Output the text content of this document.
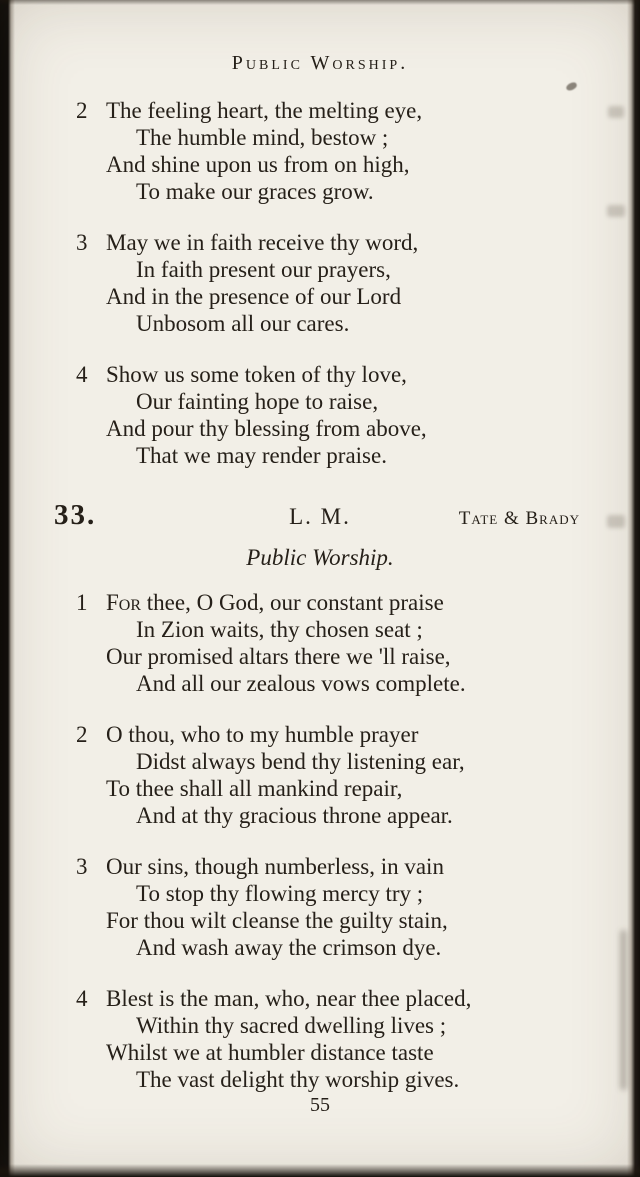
Public Worship.
2 The feeling heart, the melting eye,
The humble mind, bestow ;
And shine upon us from on high,
To make our graces grow.
3 May we in faith receive thy word,
In faith present our prayers,
And in the presence of our Lord
Unbosom all our cares.
4 Show us some token of thy love,
Our fainting hope to raise,
And pour thy blessing from above,
That we may render praise.
33.	L. M.	Tate & Brady
Public Worship.
1 For thee, O God, our constant praise
In Zion waits, thy chosen seat ;
Our promised altars there we 'll raise,
And all our zealous vows complete.
2 O thou, who to my humble prayer
Didst always bend thy listening ear,
To thee shall all mankind repair,
And at thy gracious throne appear.
3 Our sins, though numberless, in vain
To stop thy flowing mercy try ;
For thou wilt cleanse the guilty stain,
And wash away the crimson dye.
4 Blest is the man, who, near thee placed,
Within thy sacred dwelling lives ;
Whilst we at humbler distance taste
The vast delight thy worship gives.
55
